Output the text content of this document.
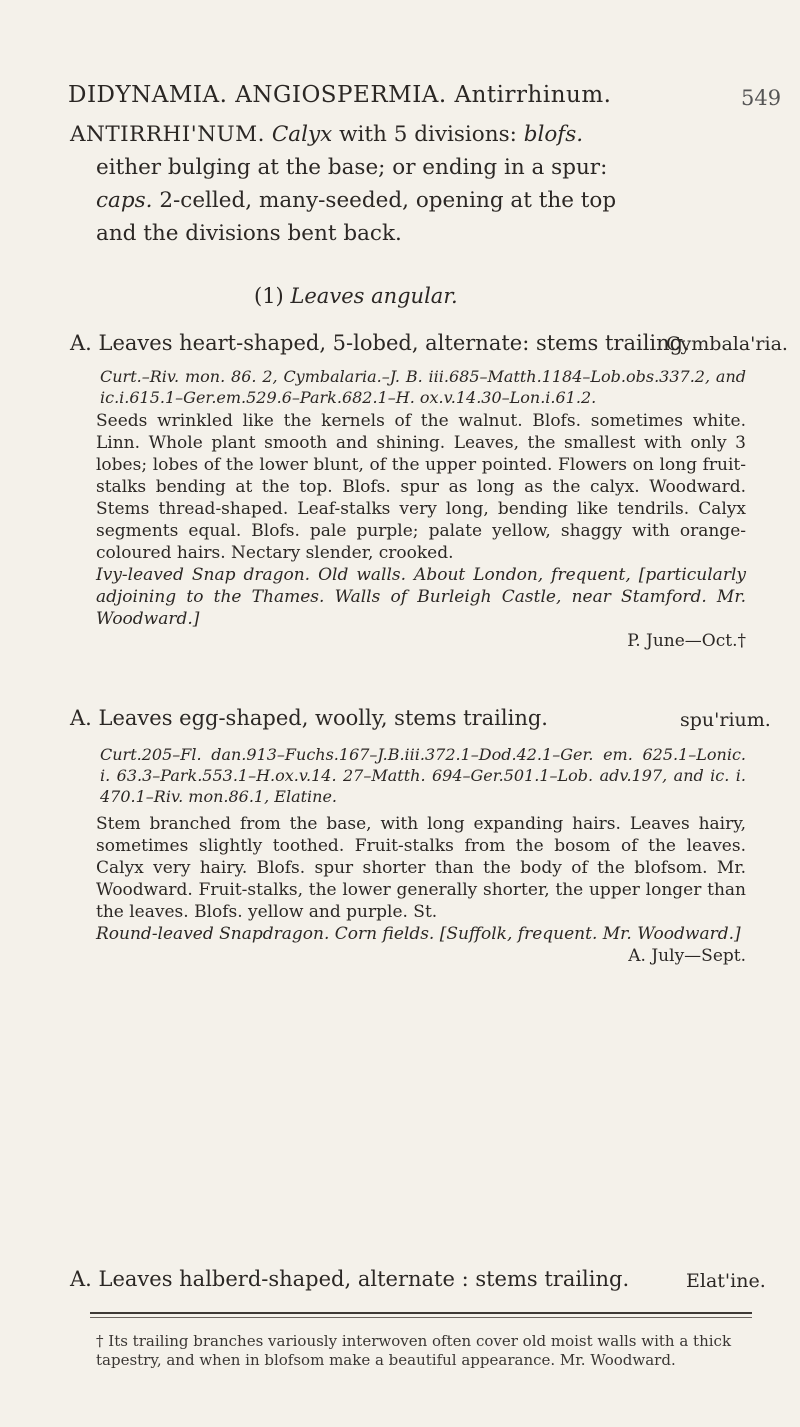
DIDYNAMIA. ANGIOSPERMIA. Antirrhinum.	549
ANTIRRHI'NUM. Calyx with 5 divisions: blofs.
either bulging at the base; or ending in a spur:
caps. 2-celled, many-seeded, opening at the top
and the divisions bent back.
(1) Leaves angular.
A. Leaves heart-shaped, 5-lobed, alternate: stems trailing.
Cymbala'ria.

Curt.–Riv. mon. 86. 2, Cymbalaria.–J. B. iii.685–Matth.1184–Lob.obs.337.2, and ic.i.615.1–Ger.em.529.6–Park.682.1–H. ox.v.14.30–Lon.i.61.2.

Seeds wrinkled like the kernels of the walnut. Blofs. sometimes white. Linn. Whole plant smooth and shining. Leaves, the smallest with only 3 lobes; lobes of the lower blunt, of the upper pointed. Flowers on long fruit-stalks bending at the top. Blofs. spur as long as the calyx. Woodward. Stems thread-shaped. Leaf-stalks very long, bending like tendrils. Calyx segments equal. Blofs. pale purple; palate yellow, shaggy with orange-coloured hairs. Nectary slender, crooked.

Ivy-leaved Snap dragon. Old walls. About London, frequent, [particularly adjoining to the Thames. Walls of Burleigh Castle, near Stamford. Mr. Woodward.]

P. June—Oct.†

A. Leaves egg-shaped, woolly, stems trailing.	spu'rium.

Curt.205–Fl. dan.913–Fuchs.167–J.B.iii.372.1–Dod.42.1–Ger. em. 625.1–Lonic. i. 63.3–Park.553.1–H.ox.v.14. 27–Matth. 694–Ger.501.1–Lob. adv.197, and ic. i. 470.1–Riv. mon.86.1, Elatine.

Stem branched from the base, with long expanding hairs. Leaves hairy, sometimes slightly toothed. Fruit-stalks from the bosom of the leaves. Calyx very hairy. Blofs. spur shorter than the body of the blofsom. Mr. Woodward. Fruit-stalks, the lower generally shorter, the upper longer than the leaves. Blofs. yellow and purple. St.

Round-leaved Snapdragon. Corn fields. [Suffolk, frequent. Mr. Woodward.]

A. July—Sept.

A. Leaves halberd-shaped, alternate : stems trailing.	Elat'ine.
† Its trailing branches variously interwoven often cover old moist walls with a thick tapestry, and when in blofsom make a beautiful appearance. Mr. Woodward.
